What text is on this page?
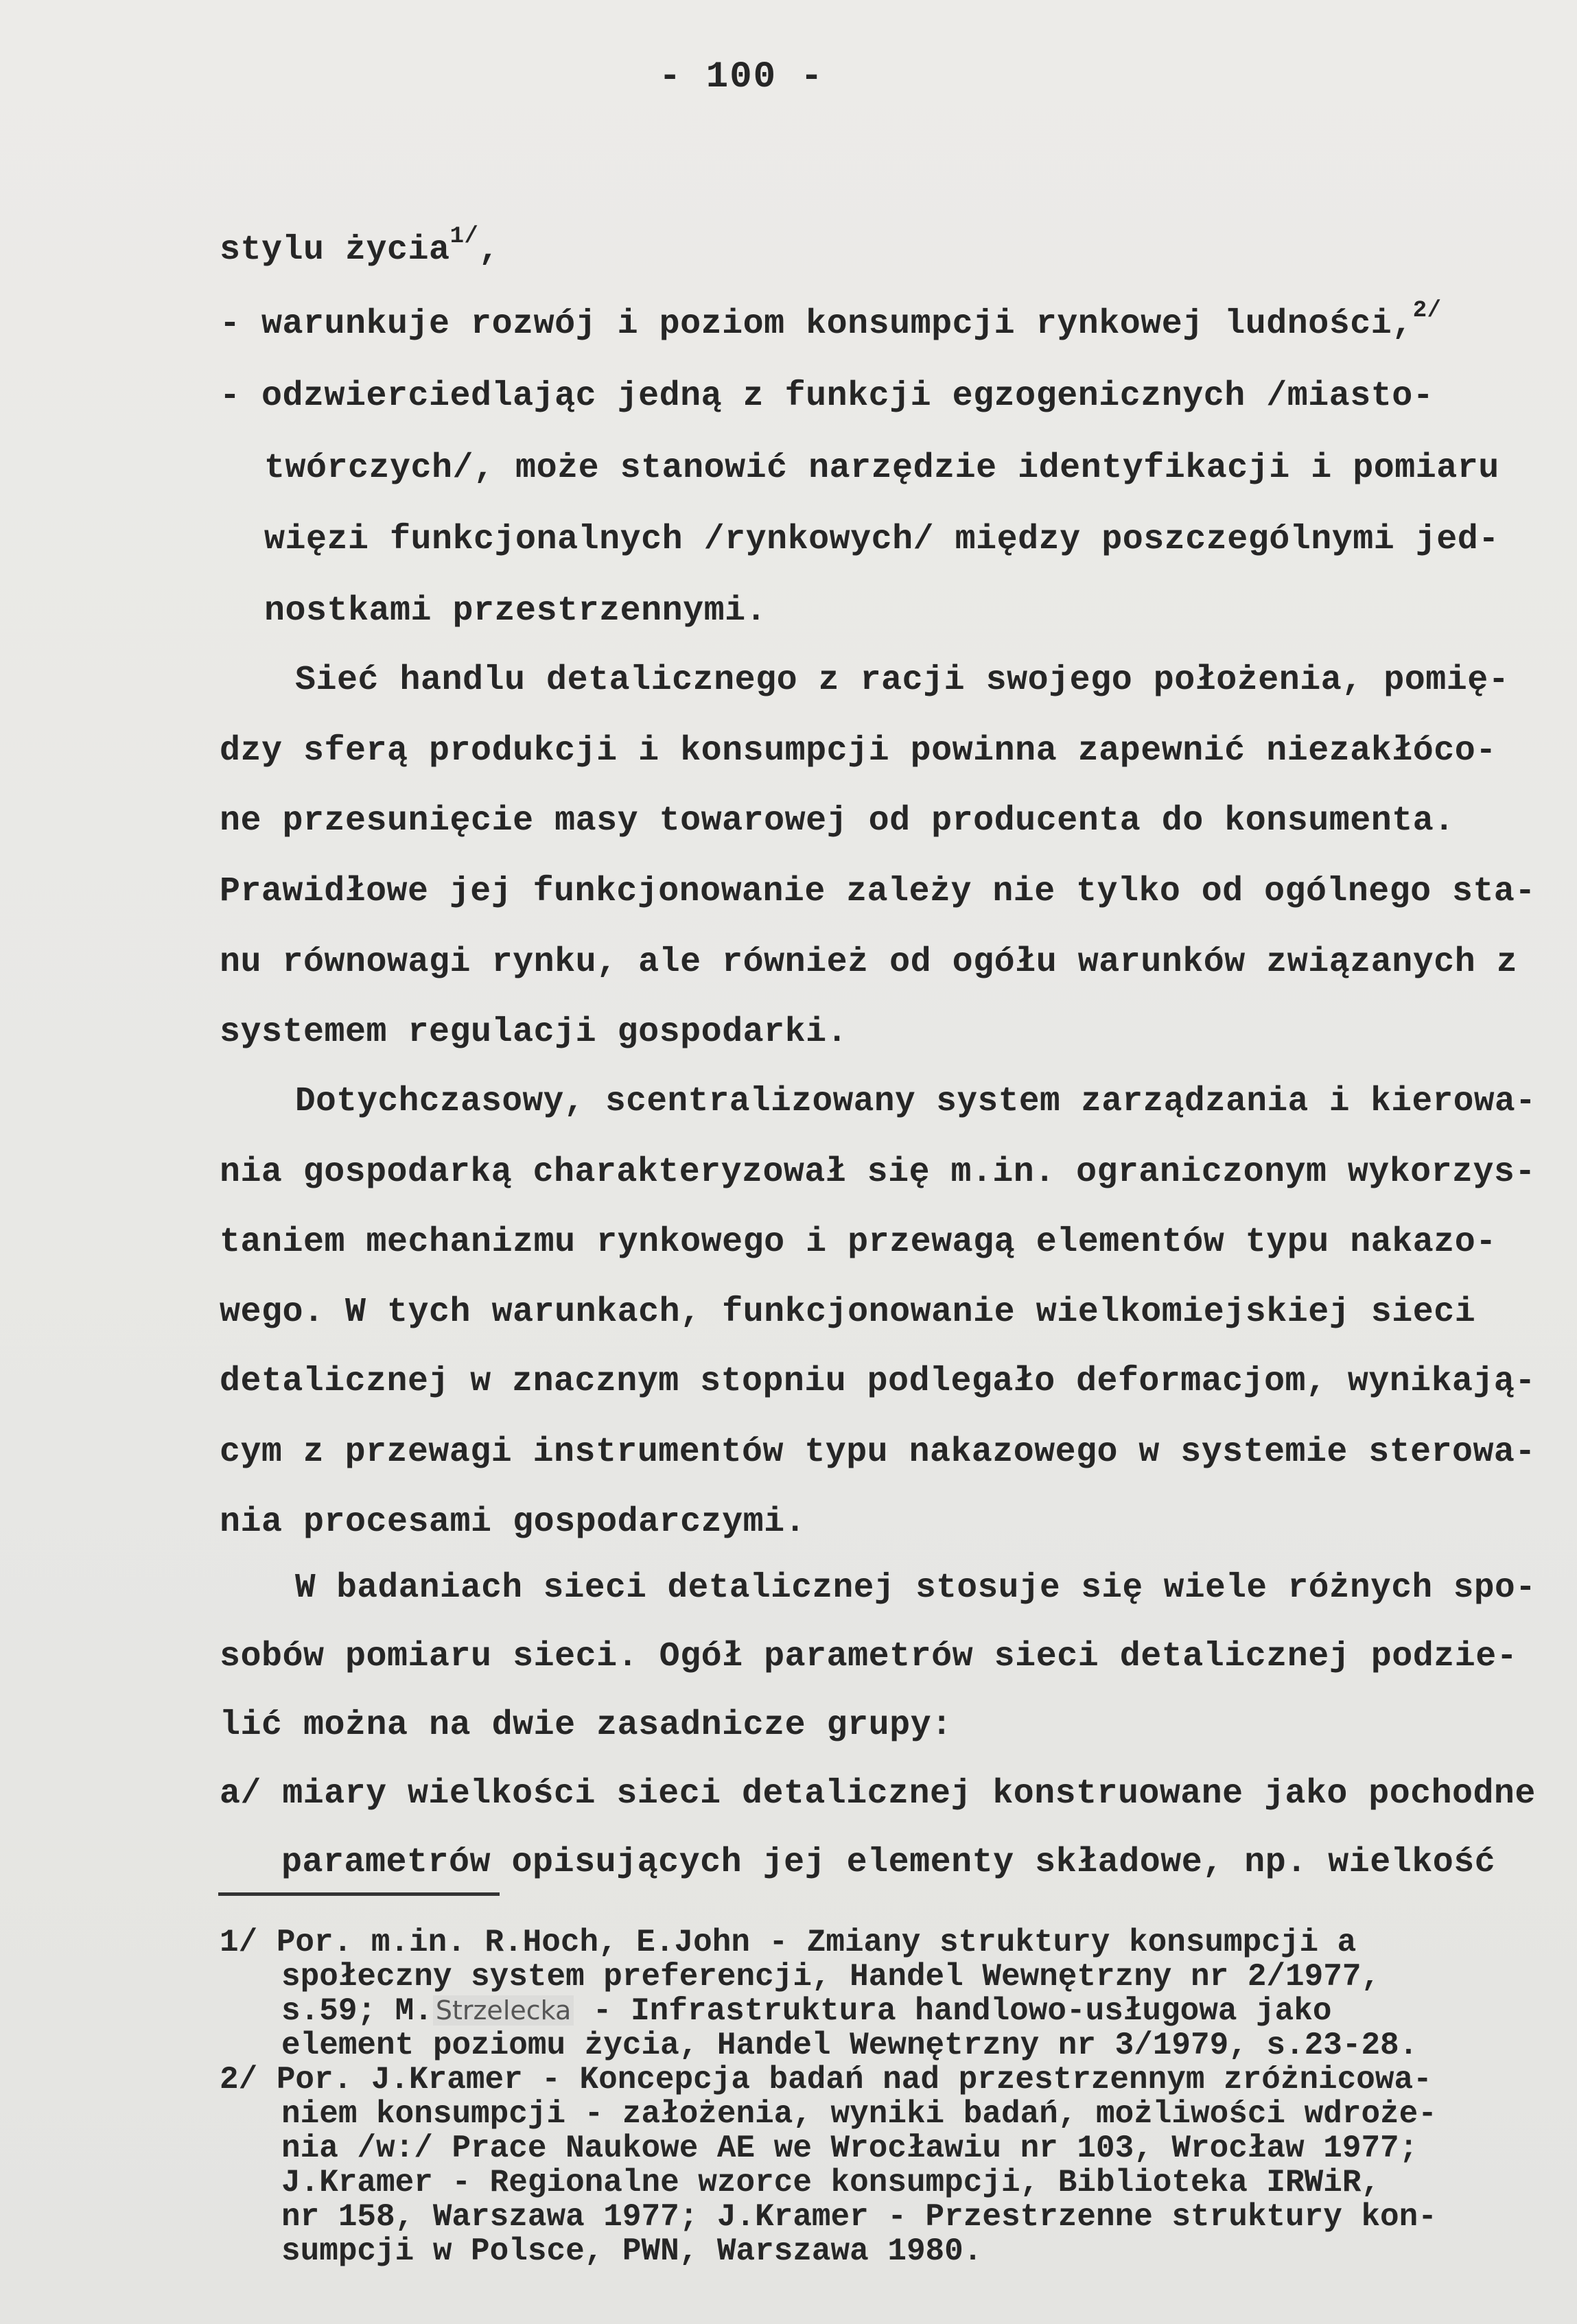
- 100 -
stylu życia$^{1/}$,
- warunkuje rozwój i poziom konsumpcji rynkowej ludności,$^{2/}$
- odzwierciedlając jedną z funkcji egzogenicznych /miasto-
twórczych/, może stanowić narzędzie identyfikacji i pomiaru
więzi funkcjonalnych /rynkowych/ między poszczególnymi jed-
nostkami przestrzennymi.
Sieć handlu detalicznego z racji swojego położenia, pomię-
dzy sferą produkcji i konsumpcji powinna zapewnić niezakłóco-
ne przesunięcie masy towarowej od producenta do konsumenta.
Prawidłowe jej funkcjonowanie zależy nie tylko od ogólnego sta-
nu równowagi rynku, ale również od ogółu warunków związanych z
systemem regulacji gospodarki.
Dotychczasowy, scentralizowany system zarządzania i kierowa-
nia gospodarką charakteryzował się m.in. ograniczonym wykorzys-
taniem mechanizmu rynkowego i przewagą elementów typu nakazo-
wego. W tych warunkach, funkcjonowanie wielkomiejskiej sieci
detalicznej w znacznym stopniu podlegało deformacjom, wynikają-
cym z przewagi instrumentów typu nakazowego w systemie sterowa-
nia procesami gospodarczymi.
W badaniach sieci detalicznej stosuje się wiele różnych spo-
sobów pomiaru sieci. Ogół parametrów sieci detalicznej podzie-
lić można na dwie zasadnicze grupy:
a/ miary wielkości sieci detalicznej konstruowane jako pochodne
parametrów opisujących jej elementy składowe, np. wielkość
1/ Por. m.in. R.Hoch, E.John - Zmiany struktury konsumpcji a
społeczny system preferencji, Handel Wewnętrzny nr 2/1977,
s.59; M. Strzelecka - Infrastruktura handlowo-usługowa jako
element poziomu życia, Handel Wewnętrzny nr 3/1979, s.23-28.
2/ Por. J.Kramer - Koncepcja badań nad przestrzennym zróżnicowa-
niem konsumpcji - założenia, wyniki badań, możliwości wdroże-
nia /w:/ Prace Naukowe AE we Wrocławiu nr 103, Wrocław 1977;
J.Kramer - Regionalne wzorce konsumpcji, Biblioteka IRWiR,
nr 158, Warszawa 1977; J.Kramer - Przestrzenne struktury kon-
sumpcji w Polsce, PWN, Warszawa 1980.
